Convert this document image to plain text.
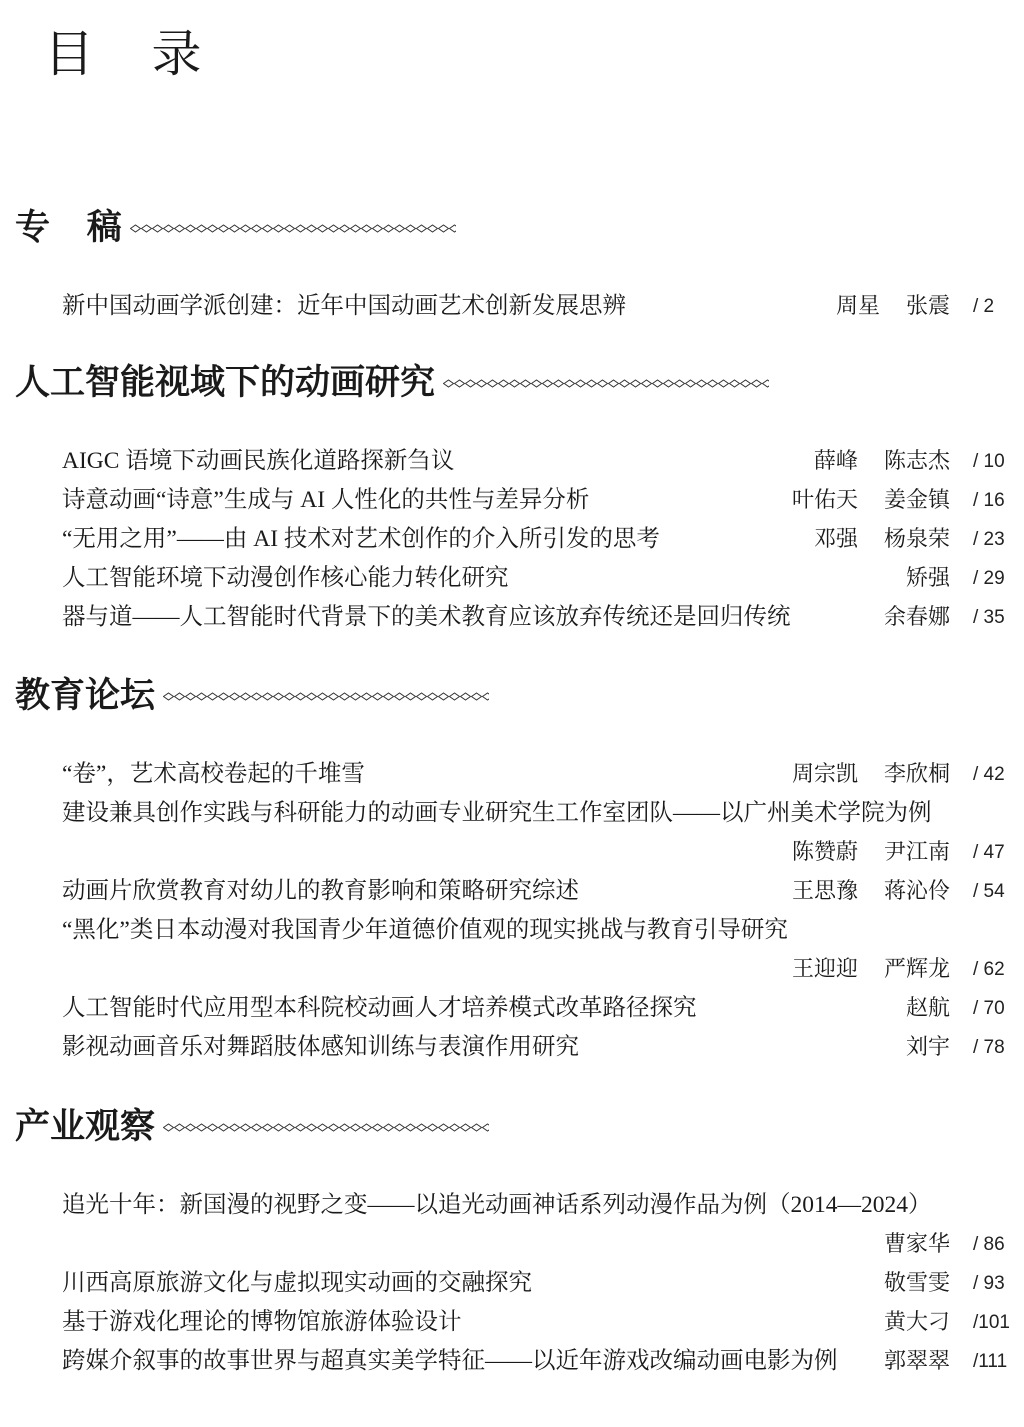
目 录
专 稿
新中国动画学派创建：近年中国动画艺术创新发展思辨	周星 张震 / 2
人工智能视域下的动画研究
AIGC 语境下动画民族化道路探新刍议	薛峰 陈志杰 / 10
诗意动画“诗意”生成与 AI 人性化的共性与差异分析	叶佑天 姜金镇 / 16
“无用之用”——由 AI 技术对艺术创作的介入所引发的思考	邓强 杨泉荣 / 23
人工智能环境下动漫创作核心能力转化研究	矫强 / 29
器与道——人工智能时代背景下的美术教育应该放弃传统还是回归传统	余春娜 / 35
教育论坛
“卷”，艺术高校卷起的千堆雪	周宗凯 李欣桐 / 42
建设兼具创作实践与科研能力的动画专业研究生工作室团队——以广州美术学院为例
陈赞蔚 尹江南 / 47
动画片欣赏教育对幼儿的教育影响和策略研究综述	王思豫 蒋沁伶 / 54
“黑化”类日本动漫对我国青少年道德价值观的现实挑战与教育引导研究
王迎迎 严辉龙 / 62
人工智能时代应用型本科院校动画人才培养模式改革路径探究	赵航 / 70
影视动画音乐对舞蹈肢体感知训练与表演作用研究	刘宇 / 78
产业观察
追光十年：新国漫的视野之变——以追光动画神话系列动漫作品为例（2014—2024）
曹家华 / 86
川西高原旅游文化与虚拟现实动画的交融探究	敬雪雯 / 93
基于游戏化理论的博物馆旅游体验设计	黄大刁 /101
跨媒介叙事的故事世界与超真实美学特征——以近年游戏改编动画电影为例 郭翠翠 /111
